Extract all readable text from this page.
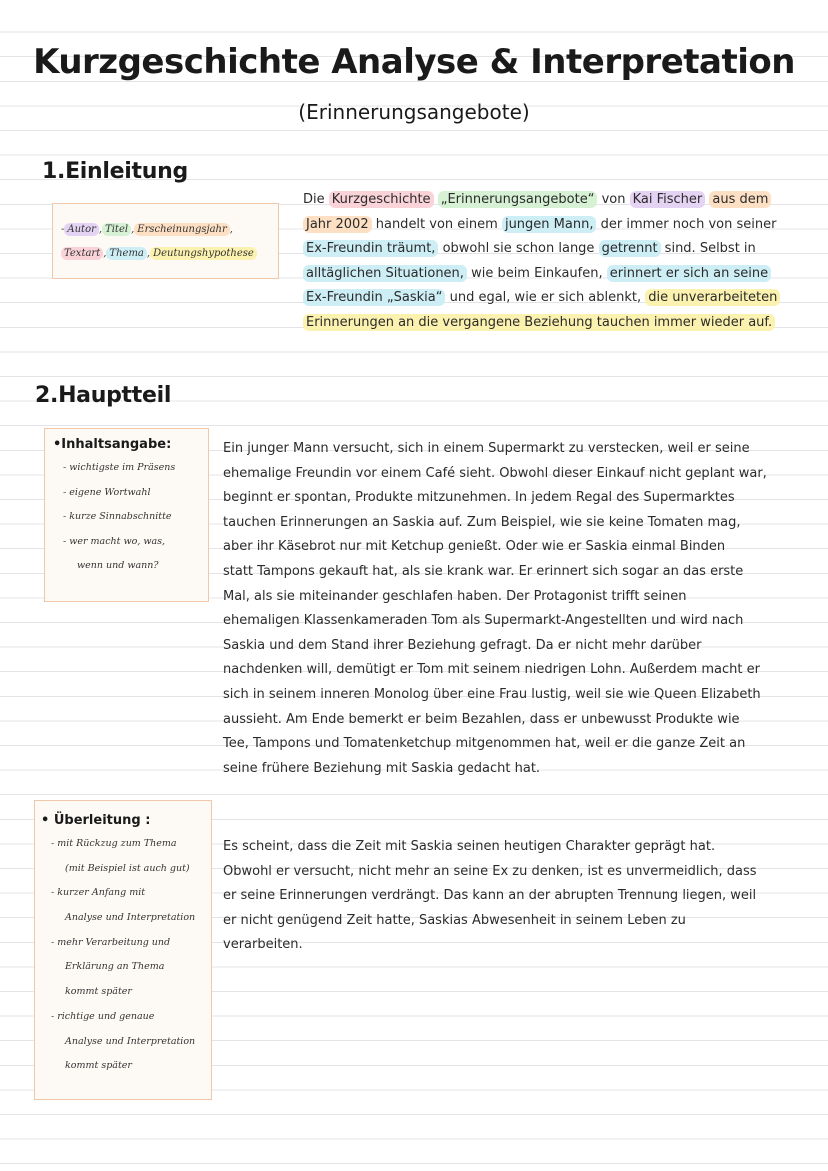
Kurzgeschichte Analyse & Interpretation
(Erinnerungsangebote)
1.Einleitung
- Autor , Titel , Erscheinungsjahr ,
Textart , Thema , Deutungshypothese
Die Kurzgeschichte „Erinnerungsangebote“ von Kai Fischer aus dem
Jahr 2002 handelt von einem jungen Mann, der immer noch von seiner
Ex-Freundin träumt, obwohl sie schon lange getrennt sind. Selbst in
alltäglichen Situationen, wie beim Einkaufen, erinnert er sich an seine
Ex-Freundin „Saskia“ und egal, wie er sich ablenkt, die unverarbeiteten
Erinnerungen an die vergangene Beziehung tauchen immer wieder auf.
2.Hauptteil
•Inhaltsangabe:
- wichtigste im Präsens
- eigene Wortwahl
- kurze Sinnabschnitte
- wer macht wo, was,
wenn und wann?
Ein junger Mann versucht, sich in einem Supermarkt zu verstecken, weil er seine
ehemalige Freundin vor einem Café sieht. Obwohl dieser Einkauf nicht geplant war,
beginnt er spontan, Produkte mitzunehmen. In jedem Regal des Supermarktes
tauchen Erinnerungen an Saskia auf. Zum Beispiel, wie sie keine Tomaten mag,
aber ihr Käsebrot nur mit Ketchup genießt. Oder wie er Saskia einmal Binden
statt Tampons gekauft hat, als sie krank war. Er erinnert sich sogar an das erste
Mal, als sie miteinander geschlafen haben. Der Protagonist trifft seinen
ehemaligen Klassenkameraden Tom als Supermarkt-Angestellten und wird nach
Saskia und dem Stand ihrer Beziehung gefragt. Da er nicht mehr darüber
nachdenken will, demütigt er Tom mit seinem niedrigen Lohn. Außerdem macht er
sich in seinem inneren Monolog über eine Frau lustig, weil sie wie Queen Elizabeth
aussieht. Am Ende bemerkt er beim Bezahlen, dass er unbewusst Produkte wie
Tee, Tampons und Tomatenketchup mitgenommen hat, weil er die ganze Zeit an
seine frühere Beziehung mit Saskia gedacht hat.
• Überleitung :
- mit Rückzug zum Thema
(mit Beispiel ist auch gut)
- kurzer Anfang mit
Analyse und Interpretation
- mehr Verarbeitung und
Erklärung an Thema
kommt später
- richtige und genaue
Analyse und Interpretation
kommt später
Es scheint, dass die Zeit mit Saskia seinen heutigen Charakter geprägt hat.
Obwohl er versucht, nicht mehr an seine Ex zu denken, ist es unvermeidlich, dass
er seine Erinnerungen verdrängt. Das kann an der abrupten Trennung liegen, weil
er nicht genügend Zeit hatte, Saskias Abwesenheit in seinem Leben zu
verarbeiten.
